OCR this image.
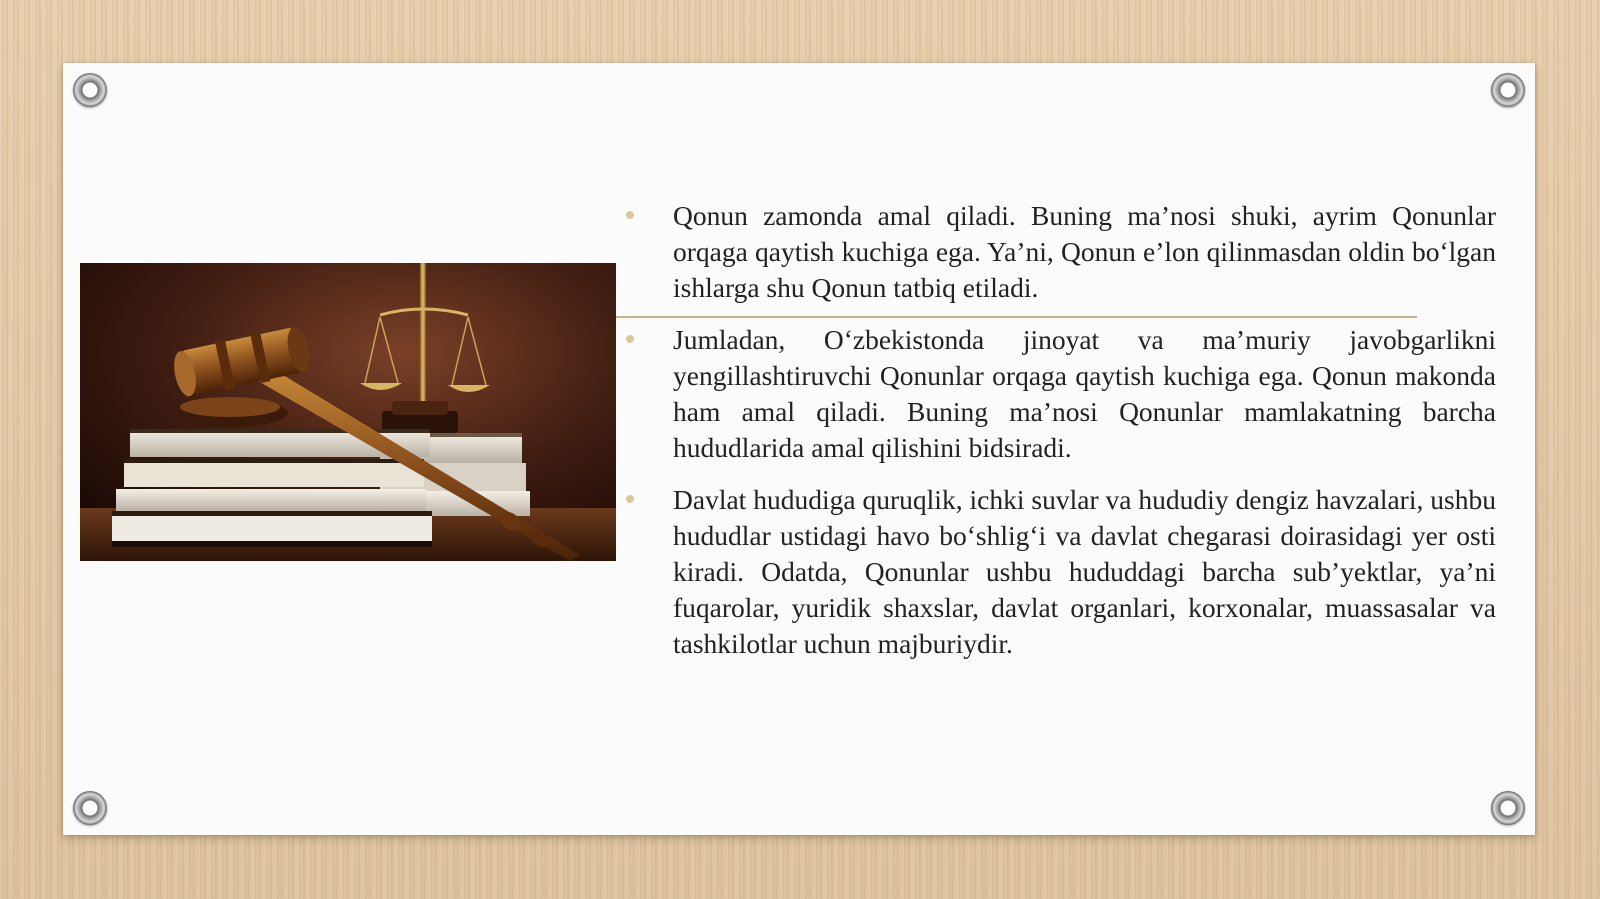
Qonun zamonda amal qiladi. Buning ma’nosi shuki, ayrim Qonunlar orqaga qaytish kuchiga ega. Ya’ni, Qonun e’lon qilinmasdan oldin bo‘lgan ishlarga shu Qonun tatbiq etiladi.
Jumladan, O‘zbekistonda jinoyat va ma’muriy javobgarlikni yengillashtiruvchi Qonunlar orqaga qaytish kuchiga ega. Qonun makonda ham amal qiladi. Buning ma’nosi Qonunlar mamlakatning barcha hududlarida amal qilishini bidsiradi.
Davlat hududiga quruqlik, ichki suvlar va hududiy dengiz havzalari, ushbu hududlar ustidagi havo bo‘shlig‘i va davlat chegarasi doirasidagi yer osti kiradi. Odatda, Qonunlar ushbu hududdagi barcha sub’yektlar, ya’ni fuqarolar, yuridik shaxslar, davlat organlari, korxonalar, muassasalar va tashkilotlar uchun majburiydir.
